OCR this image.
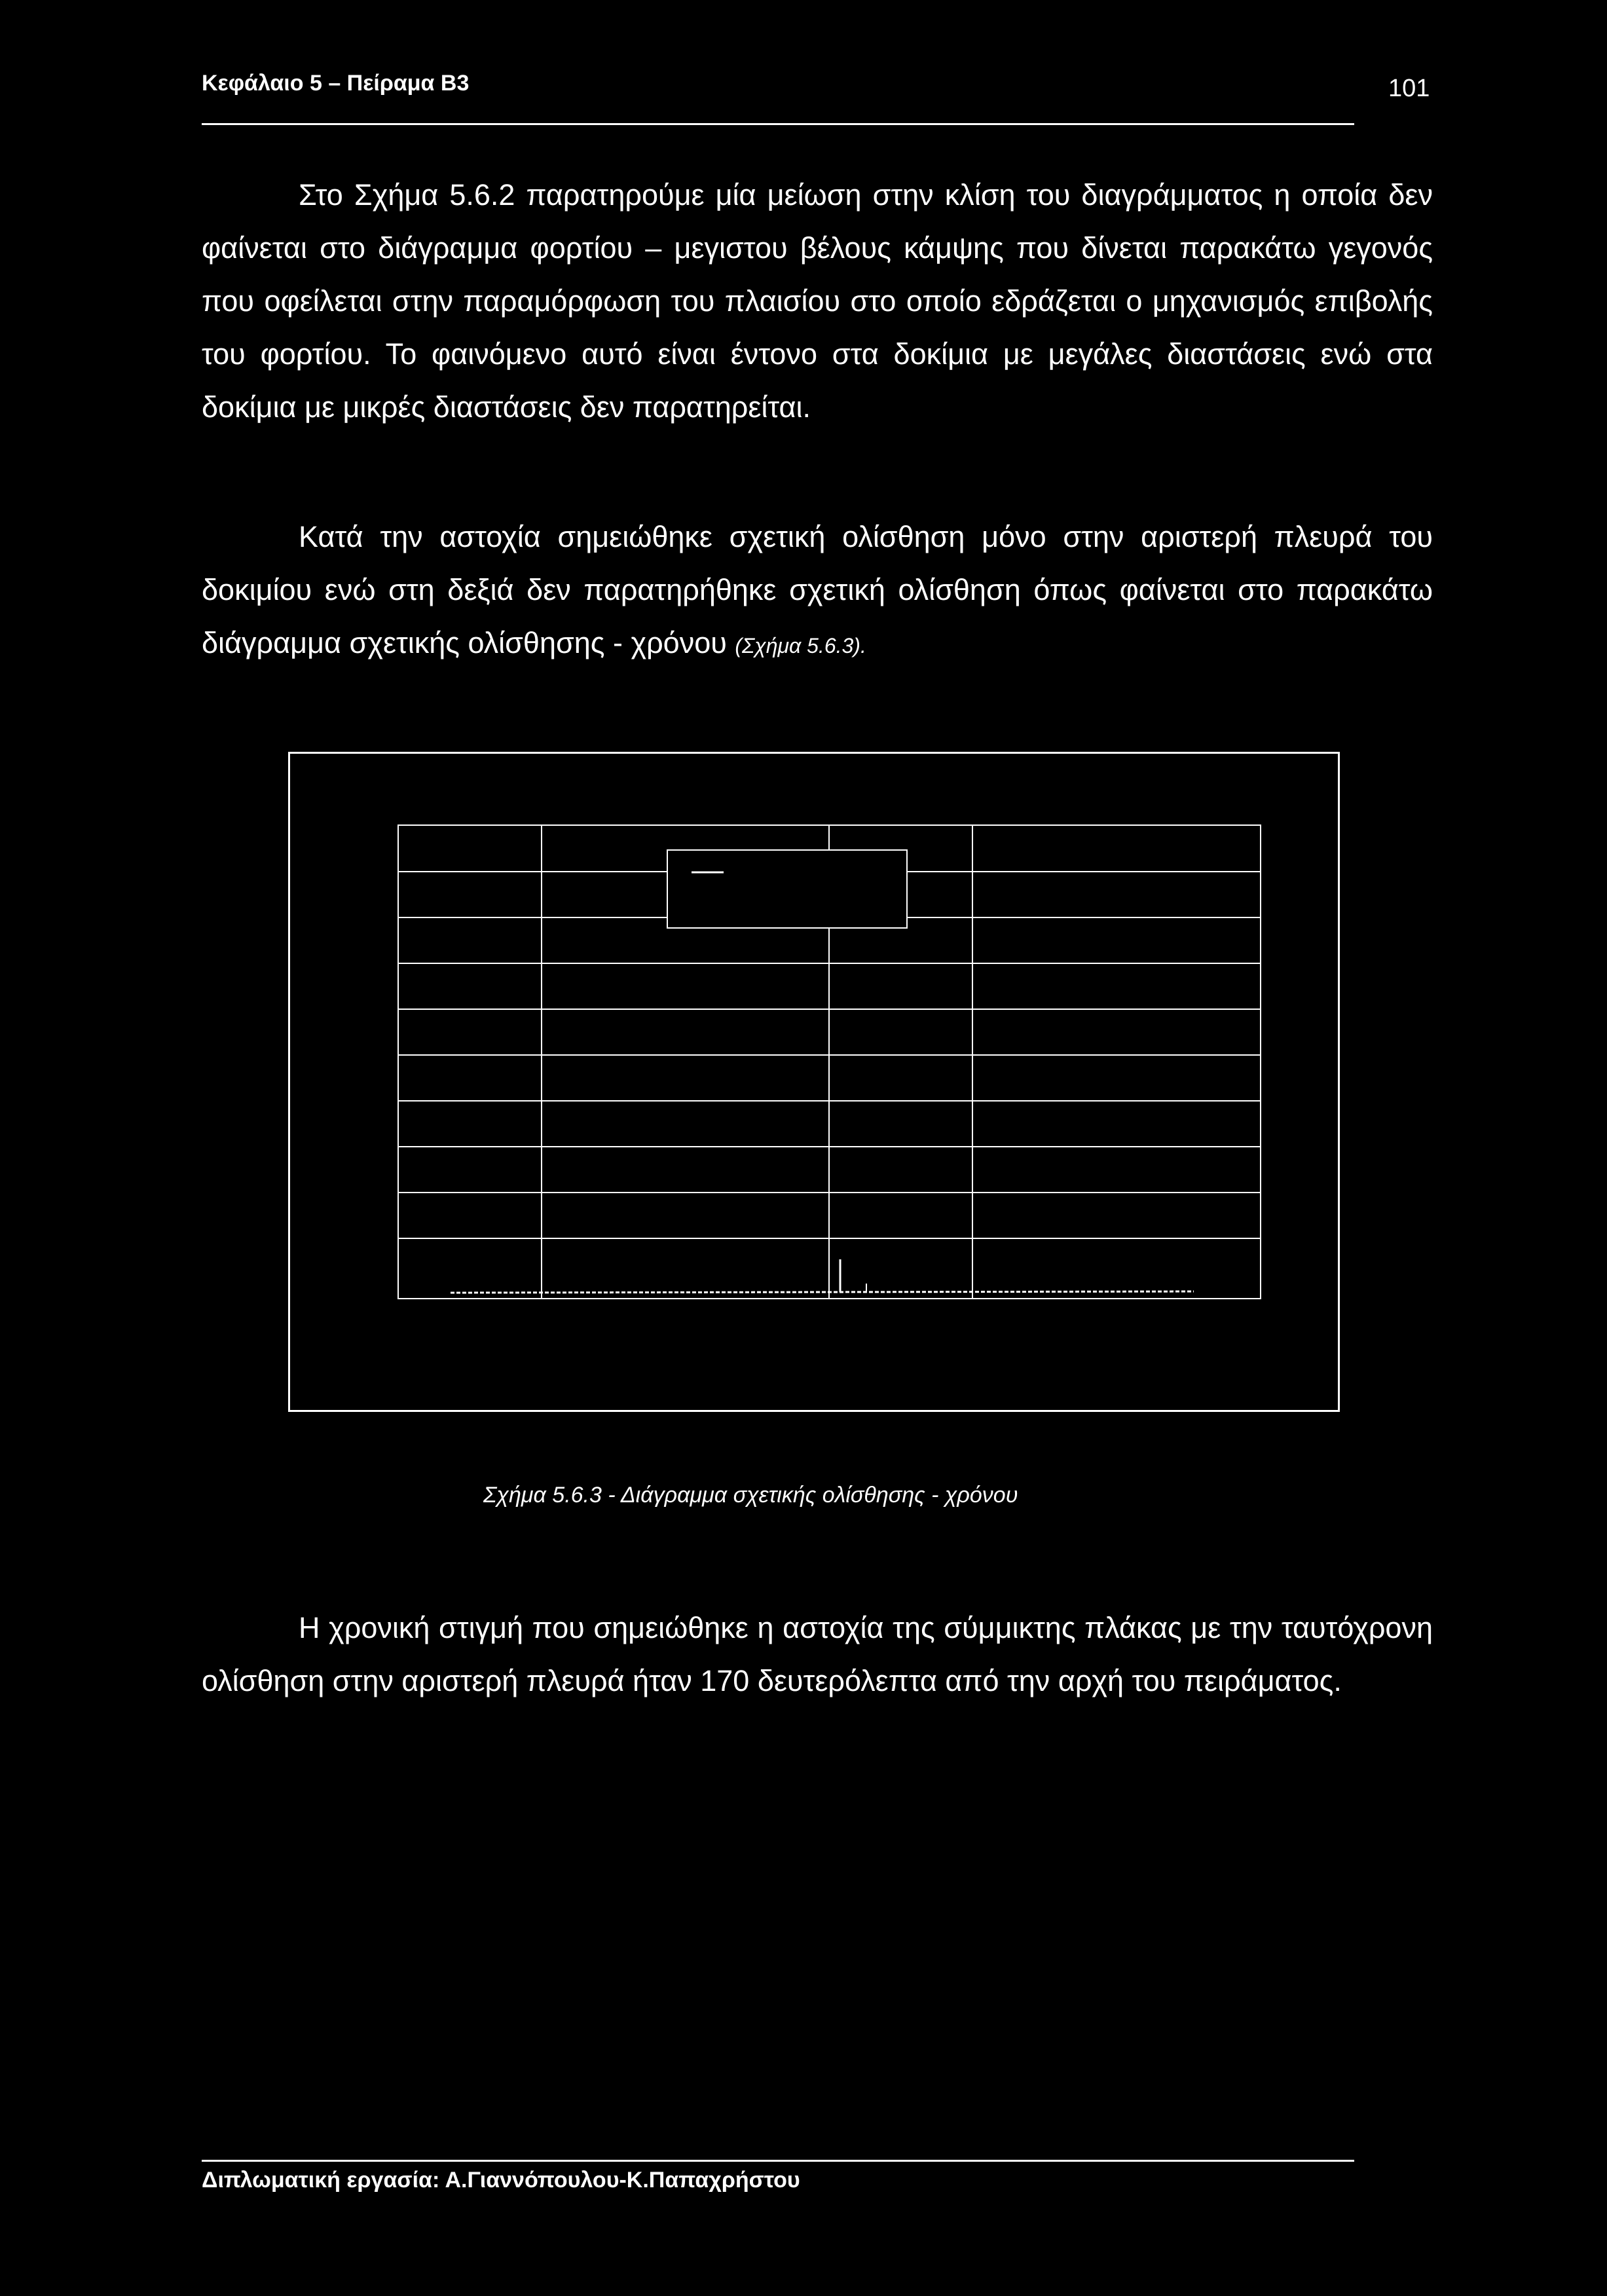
Κεφάλαιο 5 – Πείραμα Β3	101

Στο Σχήμα 5.6.2 παρατηρούμε μία μείωση στην κλίση του διαγράμματος η οποία δεν φαίνεται στο διάγραμμα φορτίου – μεγιστου βέλους κάμψης που δίνεται παρακάτω γεγονός που οφείλεται στην παραμόρφωση του πλαισίου στο οποίο εδράζεται ο μηχανισμός επιβολής του φορτίου. Το φαινόμενο αυτό είναι έντονο στα δοκίμια με μεγάλες διαστάσεις ενώ στα δοκίμια με μικρές διαστάσεις δεν παρατηρείται.

Κατά την αστοχία σημειώθηκε σχετική ολίσθηση μόνο στην αριστερή πλευρά του δοκιμίου ενώ στη δεξιά δεν παρατηρήθηκε σχετική ολίσθηση όπως φαίνεται στο παρακάτω διάγραμμα σχετικής ολίσθησης - χρόνου (Σχήμα 5.6.3).

Σχήμα 5.6.3 - Διάγραμμα σχετικής ολίσθησης - χρόνου

Η χρονική στιγμή που σημειώθηκε η αστοχία της σύμμικτης πλάκας με την ταυτόχρονη ολίσθηση στην αριστερή πλευρά ήταν 170 δευτερόλεπτα από την αρχή του πειράματος.

Διπλωματική εργασία: Α.Γιαννόπουλου-Κ.Παπαχρήστου
